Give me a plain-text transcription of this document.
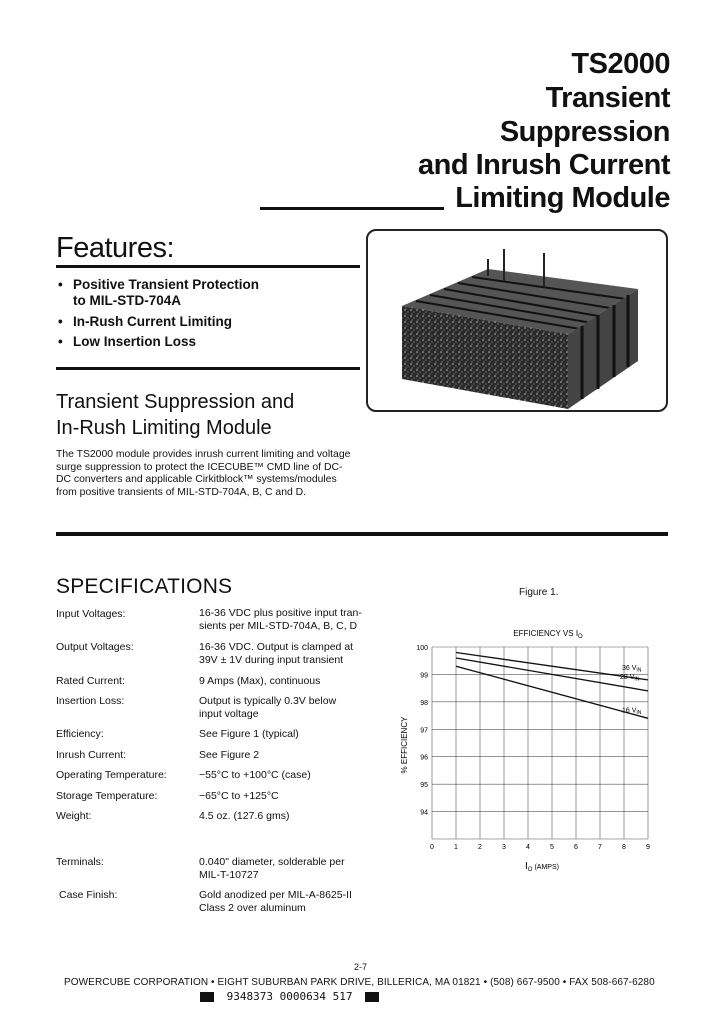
TS2000
Transient
Suppression
and Inrush Current
Limiting Module
Features:
• Positive Transient Protection
to MIL-STD-704A
• In-Rush Current Limiting
• Low Insertion Loss
Transient Suppression and
In-Rush Limiting Module
The TS2000 module provides inrush current limiting and voltage
surge suppression to protect the ICECUBE™ CMD line of DC-
DC converters and applicable Cirkitblock™ systems/modules
from positive transients of MIL-STD-704A, B, C and D.
SPECIFICATIONS
Input Voltages:	16-36 VDC plus positive input tran-
sients per MIL-STD-704A, B, C, D
Output Voltages:	16-36 VDC. Output is clamped at
39V ± 1V during input transient
Rated Current:	9 Amps (Max), continuous
Insertion Loss:	Output is typically 0.3V below
input voltage
Efficiency:	See Figure 1 (typical)
Inrush Current:	See Figure 2
Operating Temperature:	−55°C to +100°C (case)
Storage Temperature:	−65°C to +125°C
Weight:	4.5 oz. (127.6 gms)
Terminals:	0.040" diameter, solderable per
MIL-T-10727
Case Finish:	Gold anodized per MIL-A-8625-II
Class 2 over aluminum
Figure 1.
EFFICIENCY VS $I_O$
100
99
98
97
96
95
94
0	1	2	3	4	5	6	7	8	9
36 $V_{IN}$
28 $V_{IN}$
16 $V_{IN}$
% EFFICIENCY
$I_O$ (AMPS)
2-7
POWERCUBE CORPORATION • EIGHT SUBURBAN PARK DRIVE, BILLERICA, MA 01821 • (508) 667-9500 • FAX 508-667-6280
9348373 0000634 517
